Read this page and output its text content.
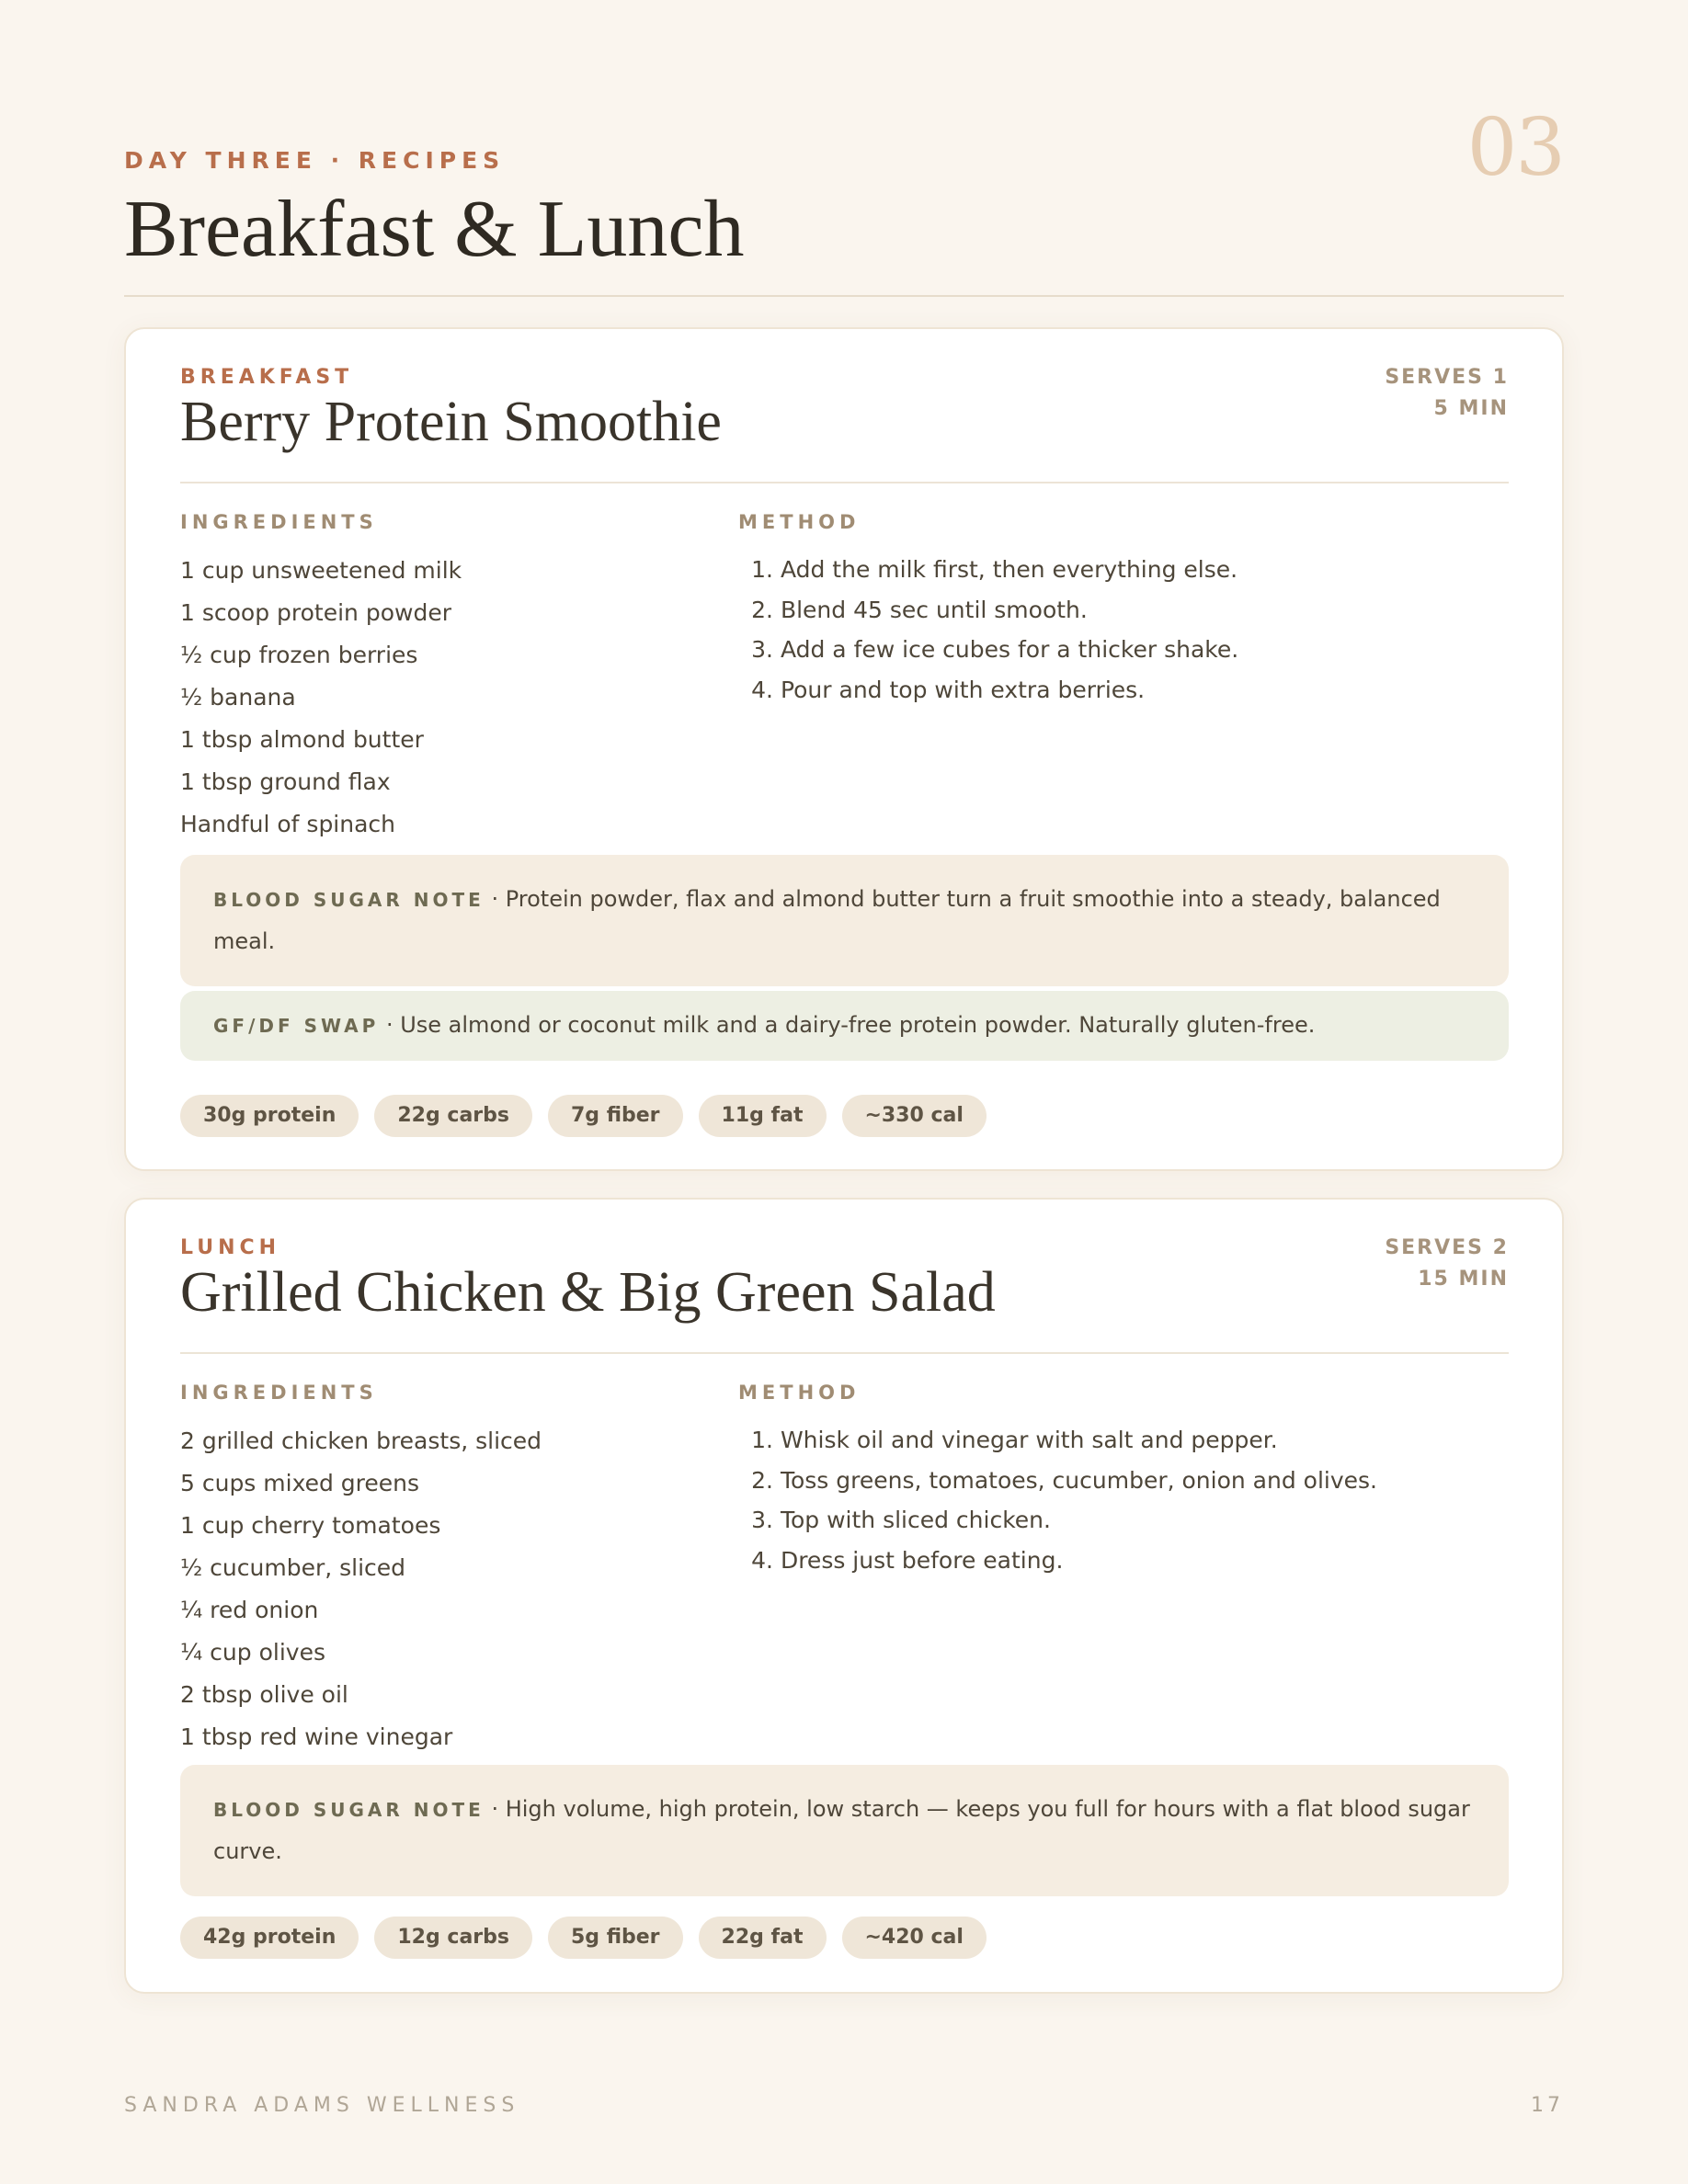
DAY THREE · RECIPES	03
Breakfast & Lunch
BREAKFAST	SERVES 1
5 MIN
Berry Protein Smoothie
INGREDIENTS	METHOD
1 cup unsweetened milk
1 scoop protein powder
½ cup frozen berries
½ banana
1 tbsp almond butter
1 tbsp ground flax
Handful of spinach
1. Add the milk first, then everything else.
2. Blend 45 sec until smooth.
3. Add a few ice cubes for a thicker shake.
4. Pour and top with extra berries.
BLOOD SUGAR NOTE · Protein powder, flax and almond butter turn a fruit smoothie into a steady, balanced meal.
GF/DF SWAP · Use almond or coconut milk and a dairy-free protein powder. Naturally gluten-free.
30g protein	22g carbs	7g fiber	11g fat	~330 cal
LUNCH	SERVES 2
15 MIN
Grilled Chicken & Big Green Salad
INGREDIENTS	METHOD
2 grilled chicken breasts, sliced
5 cups mixed greens
1 cup cherry tomatoes
½ cucumber, sliced
¼ red onion
¼ cup olives
2 tbsp olive oil
1 tbsp red wine vinegar
1. Whisk oil and vinegar with salt and pepper.
2. Toss greens, tomatoes, cucumber, onion and olives.
3. Top with sliced chicken.
4. Dress just before eating.
BLOOD SUGAR NOTE · High volume, high protein, low starch — keeps you full for hours with a flat blood sugar curve.
42g protein	12g carbs	5g fiber	22g fat	~420 cal
SANDRA ADAMS WELLNESS	17
